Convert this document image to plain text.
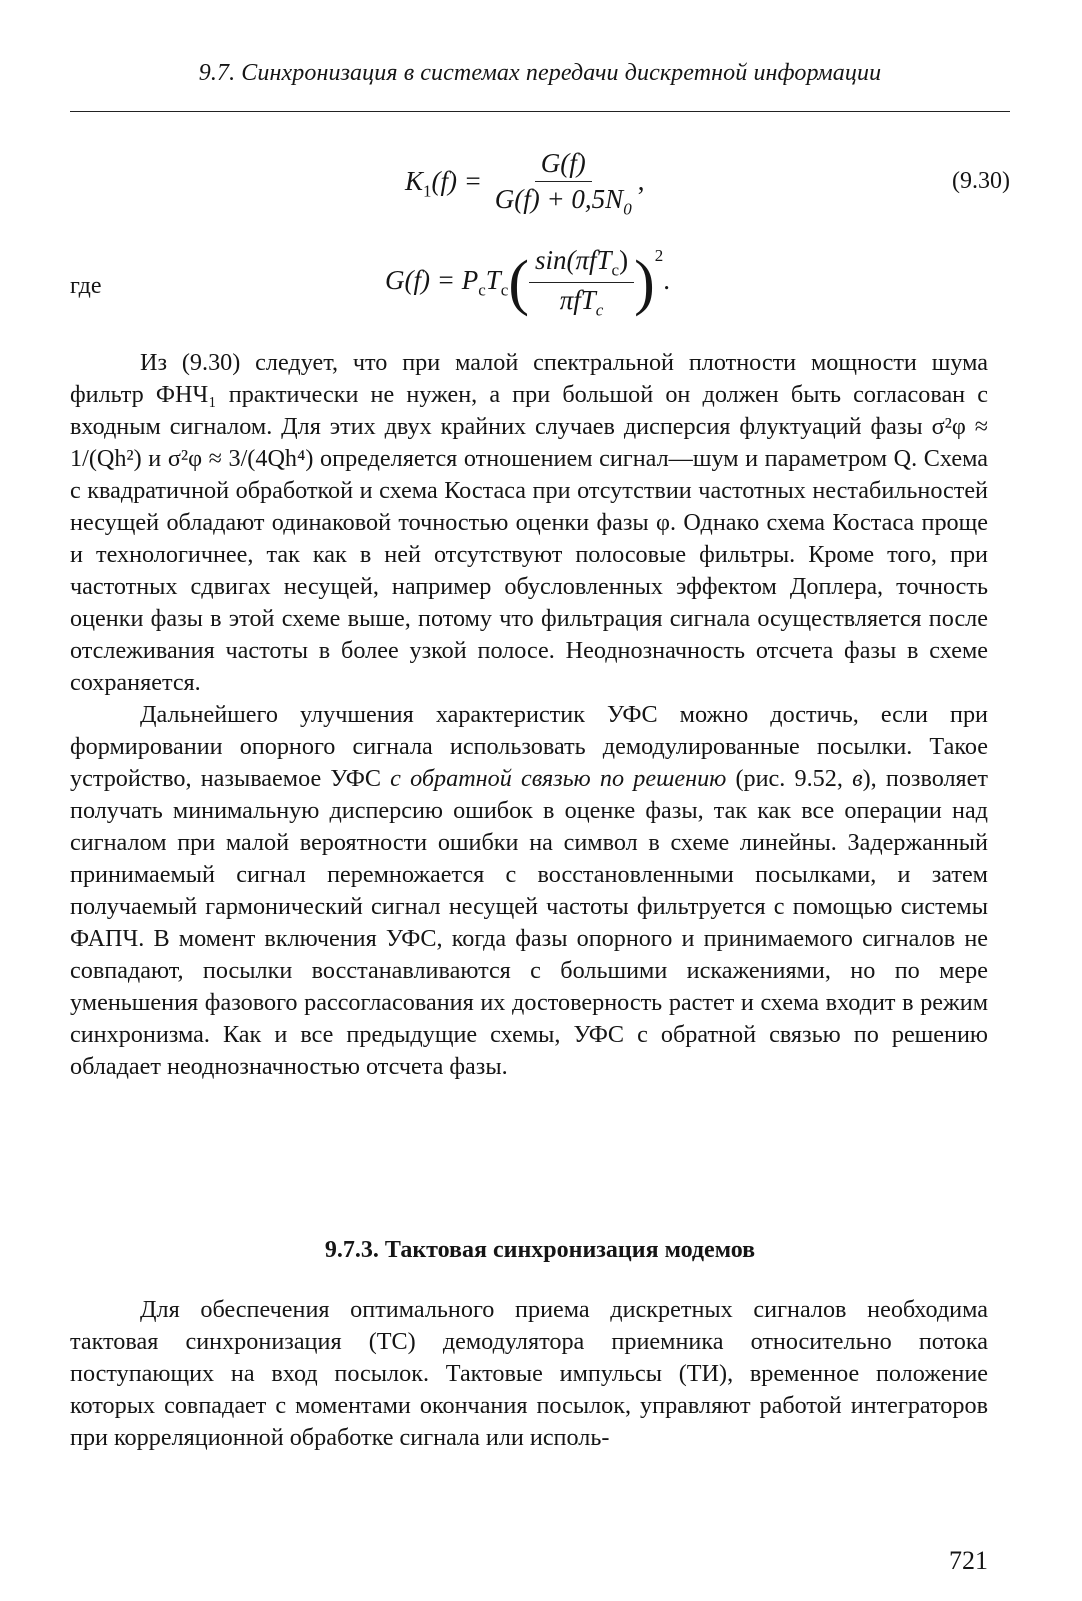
9.7. Синхронизация в системах передачи дискретной информации
$K_1(f) = \frac{G(f)}{G(f) + 0,5N_0}$ ,	(9.30)
где	$G(f) = P_cT_c( \frac{\sin(\pi fT_c)}{\pi fT_c} )^2$.

Из (9.30) следует, что при малой спектральной плотности мощности шума фильтр ФНЧ₁ практически не нужен, а при большой он должен быть согласован с входным сигналом. Для этих двух крайних случаев дисперсия флуктуаций фазы σ²φ ≈ 1/(Qh²) и σ²φ ≈ 3/(4Qh⁴) определяется отношением сигнал—шум и параметром Q. Схема с квадратичной обработкой и схема Костаса при отсутствии частотных нестабильностей несущей обладают одинаковой точностью оценки фазы φ. Однако схема Костаса проще и технологичнее, так как в ней отсутствуют полосовые фильтры. Кроме того, при частотных сдвигах несущей, например обусловленных эффектом Доплера, точность оценки фазы в этой схеме выше, потому что фильтрация сигнала осуществляется после отслеживания частоты в более узкой полосе. Неоднозначность отсчета фазы в схеме сохраняется.

Дальнейшего улучшения характеристик УФС можно достичь, если при формировании опорного сигнала использовать демодулированные посылки. Такое устройство, называемое УФС с обратной связью по решению (рис. 9.52, в), позволяет получать минимальную дисперсию ошибок в оценке фазы, так как все операции над сигналом при малой вероятности ошибки на символ в схеме линейны. Задержанный принимаемый сигнал перемножается с восстановленными посылками, и затем получаемый гармонический сигнал несущей частоты фильтруется с помощью системы ФАПЧ. В момент включения УФС, когда фазы опорного и принимаемого сигналов не совпадают, посылки восстанавливаются с большими искажениями, но по мере уменьшения фазового рассогласования их достоверность растет и схема входит в режим синхронизма. Как и все предыдущие схемы, УФС с обратной связью по решению обладает неоднозначностью отсчета фазы.

9.7.3. Тактовая синхронизация модемов

Для обеспечения оптимального приема дискретных сигналов необходима тактовая синхронизация (ТС) демодулятора приемника относительно потока поступающих на вход посылок. Тактовые импульсы (ТИ), временное положение которых совпадает с моментами окончания посылок, управляют работой интеграторов при корреляционной обработке сигнала или исполь-

721
